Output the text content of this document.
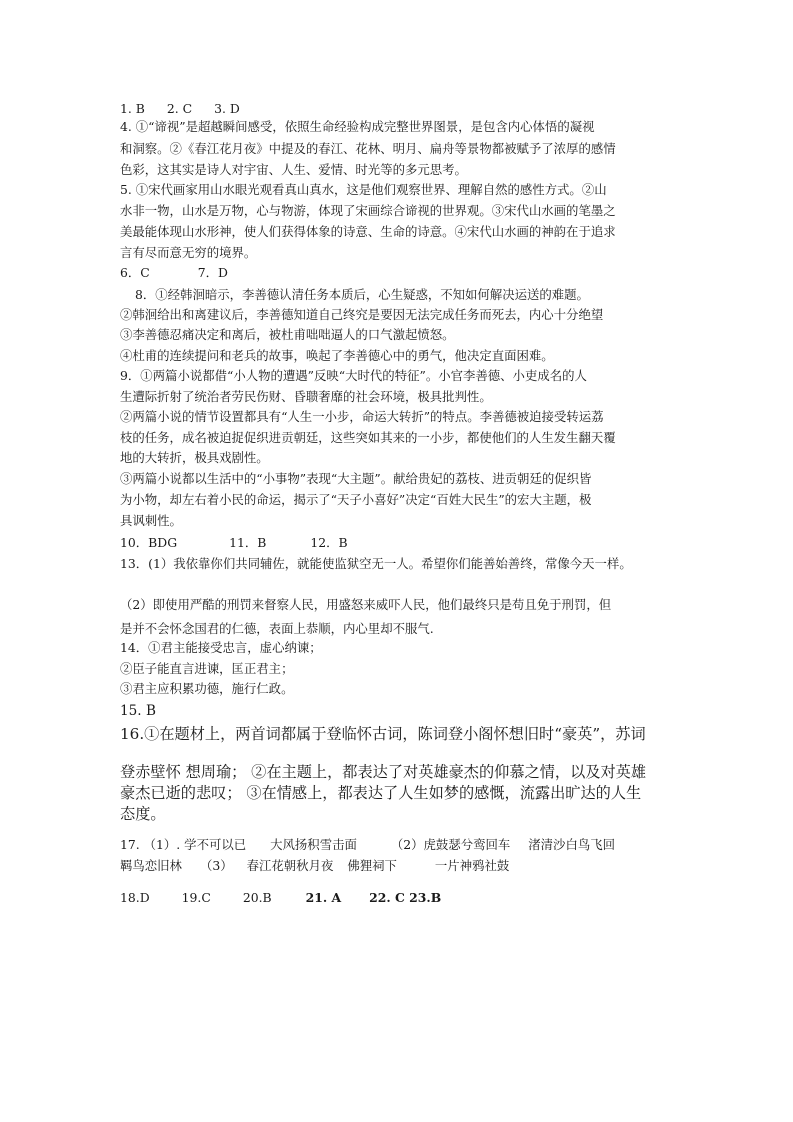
1. B 2. C 3. D
4. ①“谛视”是超越瞬间感受，依照生命经验构成完整世界图景，是包含内心体悟的凝视
和洞察。②《春江花月夜》中提及的春江、花林、明月、扁舟等景物都被赋予了浓厚的感情
色彩，这其实是诗人对宇宙、人生、爱情、时光等的多元思考。
5. ①宋代画家用山水眼光观看真山真水，这是他们观察世界、理解自然的感性方式。②山
水非一物，山水是万物，心与物游，体现了宋画综合谛视的世界观。③宋代山水画的笔墨之
美最能体现山水形神，使人们获得体象的诗意、生命的诗意。④宋代山水画的神韵在于追求
言有尽而意无穷的境界。
6．C	7．D
8．①经韩洄暗示，李善德认清任务本质后，心生疑惑，不知如何解决运送的难题。
②韩洄给出和离建议后，李善德知道自己终究是要因无法完成任务而死去，内心十分绝望
③李善德忍痛决定和离后，被杜甫咄咄逼人的口气激起愤怒。
④杜甫的连续提问和老兵的故事，唤起了李善德心中的勇气，他决定直面困难。
9．①两篇小说都借“小人物的遭遇”反映“大时代的特征”。小官李善德、小吏成名的人
生遭际折射了统治者劳民伤财、昏聩奢靡的社会环境，极具批判性。
②两篇小说的情节设置都具有“人生一小步，命运大转折”的特点。李善德被迫接受转运荔
枝的任务，成名被迫捉促织进贡朝廷，这些突如其来的一小步，都使他们的人生发生翻天覆
地的大转折，极具戏剧性。
③两篇小说都以生活中的“小事物”表现“大主题”。献给贵妃的荔枝、进贡朝廷的促织皆
为小物，却左右着小民的命运，揭示了“天子小喜好”决定“百姓大民生”的宏大主题，极
具讽刺性。
10．BDG	11．B	12．B
13．(1）我依靠你们共同辅佐，就能使监狱空无一人。希望你们能善始善终，常像今天一样。
（2）即使用严酷的刑罚来督察人民，用盛怒来威吓人民，他们最终只是苟且免于刑罚，但
是并不会怀念国君的仁德，表面上恭顺，内心里却不服气.
14．①君主能接受忠言，虚心纳谏；
②臣子能直言进谏，匡正君主；
③君主应积累功德，施行仁政。
15. B
16.①在题材上，两首词都属于登临怀古词，陈词登小阁怀想旧时“豪英”，苏词
登赤壁怀 想周瑜； ②在主题上，都表达了对英雄豪杰的仰慕之情，以及对英雄
豪杰已逝的悲叹； ③在情感上，都表达了人生如梦的感慨，流露出旷达的人生
态度。
17. （1）. 学不可以已 大风扬积雪击面	（2）虎鼓瑟兮鸾回车 渚清沙白鸟飞回
羁鸟恋旧林 （3） 春江花朝秋月夜 佛狸祠下	一片神鸦社鼓
18.D	19.C	20.B	21. A 22. C 23.B
